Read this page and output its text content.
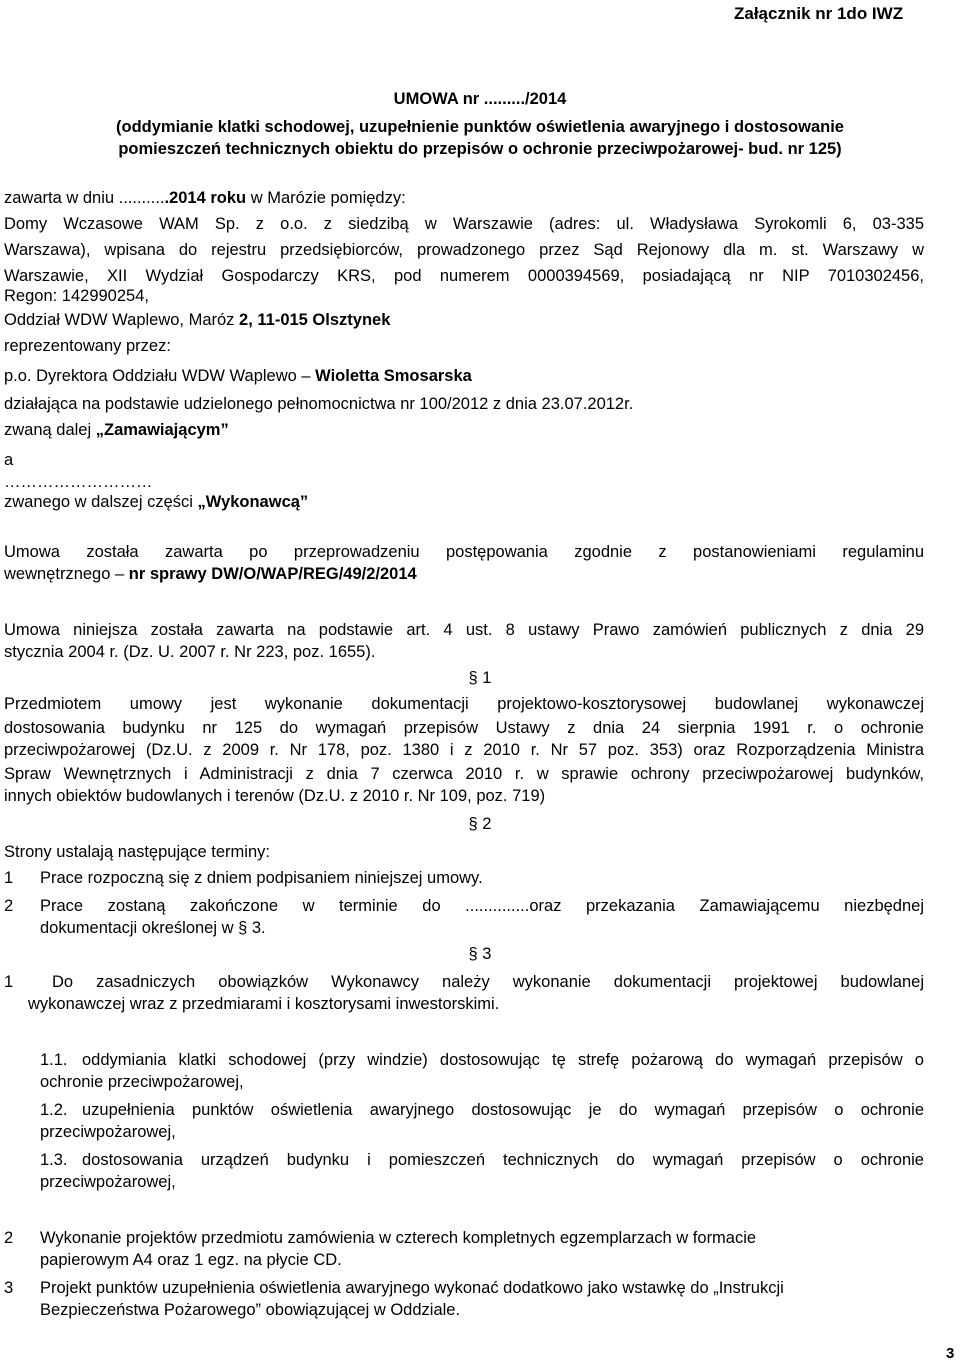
Załącznik nr 1do IWZ
UMOWA nr ........./2014
(oddymianie klatki schodowej, uzupełnienie punktów oświetlenia awaryjnego i dostosowanie
pomieszczeń technicznych obiektu do przepisów o ochronie przeciwpożarowej- bud. nr 125)
zawarta w dniu ...........2014 roku w Marózie pomiędzy:
Domy Wczasowe WAM Sp. z o.o. z siedzibą w Warszawie (adres: ul. Władysława Syrokomli 6, 03-335
Warszawa), wpisana do rejestru przedsiębiorców, prowadzonego przez Sąd Rejonowy dla m. st. Warszawy w
Warszawie, XII Wydział Gospodarczy KRS, pod numerem 0000394569, posiadającą nr NIP 7010302456,
Regon: 142990254,
Oddział WDW Waplewo, Maróz 2, 11-015 Olsztynek
reprezentowany przez:
p.o. Dyrektora Oddziału WDW Waplewo – Wioletta Smosarska
działająca na podstawie udzielonego pełnomocnictwa nr 100/2012 z dnia 23.07.2012r.
zwaną dalej „Zamawiającym”
a
………………………
zwanego w dalszej części „Wykonawcą”
Umowa została zawarta po przeprowadzeniu postępowania zgodnie z postanowieniami regulaminu
wewnętrznego – nr sprawy DW/O/WAP/REG/49/2/2014
Umowa niniejsza została zawarta na podstawie art. 4 ust. 8 ustawy Prawo zamówień publicznych z dnia 29
stycznia 2004 r. (Dz. U. 2007 r. Nr 223, poz. 1655).
§ 1
Przedmiotem umowy jest wykonanie dokumentacji projektowo-kosztorysowej budowlanej wykonawczej
dostosowania budynku nr 125 do wymagań przepisów Ustawy z dnia 24 sierpnia 1991 r. o ochronie
przeciwpożarowej (Dz.U. z 2009 r. Nr 178, poz. 1380 i z 2010 r. Nr 57 poz. 353) oraz Rozporządzenia Ministra
Spraw Wewnętrznych i Administracji z dnia 7 czerwca 2010 r. w sprawie ochrony przeciwpożarowej budynków,
innych obiektów budowlanych i terenów (Dz.U. z 2010 r. Nr 109, poz. 719)
§ 2
Strony ustalają następujące terminy:
1 Prace rozpoczną się z dniem podpisaniem niniejszej umowy.
2 Prace zostaną zakończone w terminie do ..............oraz przekazania Zamawiającemu niezbędnej
dokumentacji określonej w § 3.
§ 3
1 Do zasadniczych obowiązków Wykonawcy należy wykonanie dokumentacji projektowej budowlanej
wykonawczej wraz z przedmiarami i kosztorysami inwestorskimi.
1.1. oddymiania klatki schodowej (przy windzie) dostosowując tę strefę pożarową do wymagań przepisów o
ochronie przeciwpożarowej,
1.2. uzupełnienia punktów oświetlenia awaryjnego dostosowując je do wymagań przepisów o ochronie
przeciwpożarowej,
1.3. dostosowania urządzeń budynku i pomieszczeń technicznych do wymagań przepisów o ochronie
przeciwpożarowej,
2 Wykonanie projektów przedmiotu zamówienia w czterech kompletnych egzemplarzach w formacie
papierowym A4 oraz 1 egz. na płycie CD.
3 Projekt punktów uzupełnienia oświetlenia awaryjnego wykonać dodatkowo jako wstawkę do „Instrukcji
Bezpieczeństwa Pożarowego” obowiązującej w Oddziale.
3
